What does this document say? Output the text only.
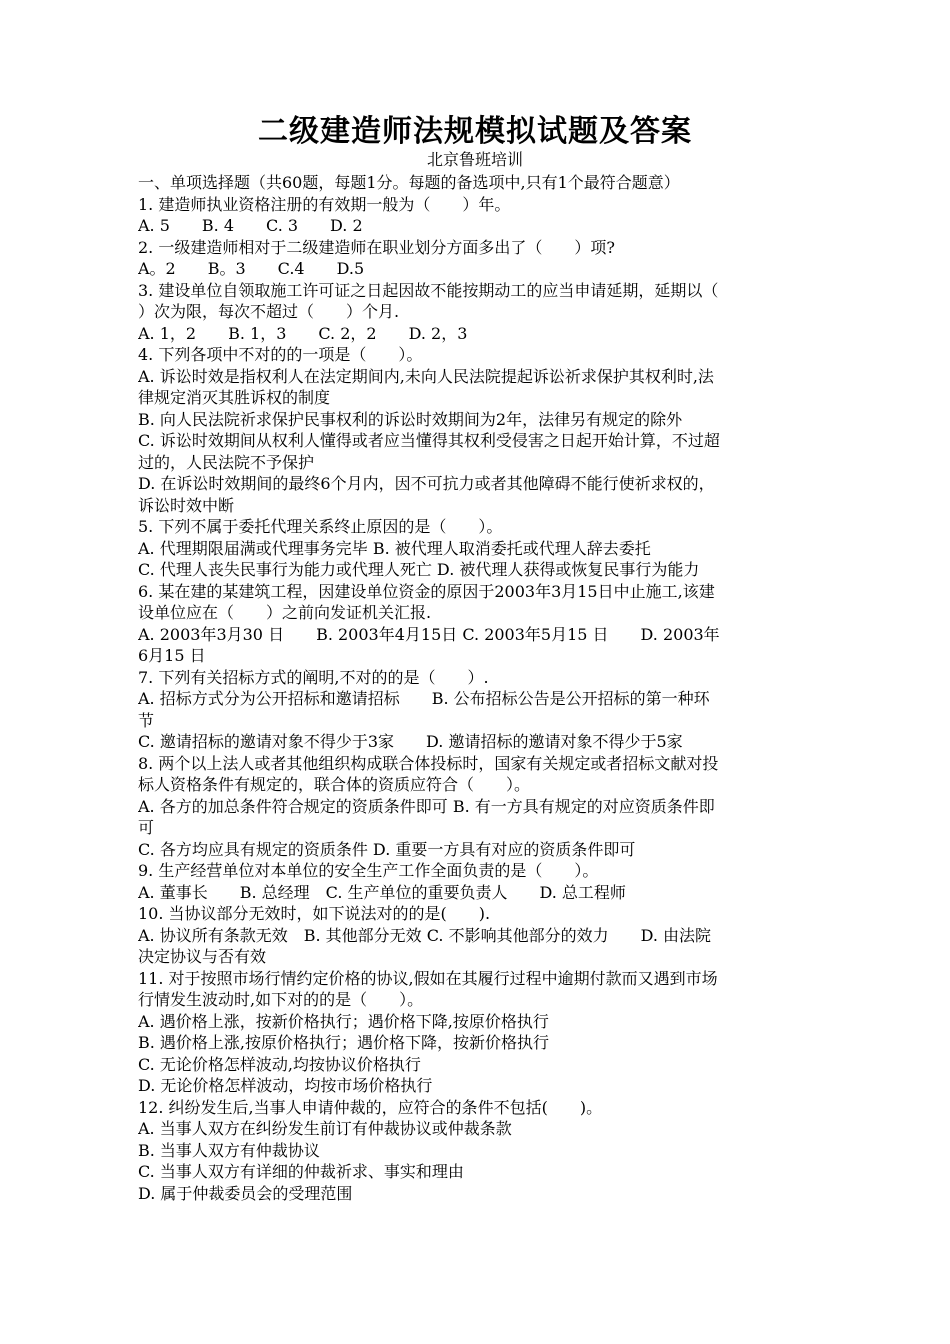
二级建造师法规模拟试题及答案
北京鲁班培训
一、单项选择题（共60题，每题1分。每题的备选项中,只有1个最符合题意）
1. 建造师执业资格注册的有效期一般为（　　）年。
A. 5　　B. 4　　C. 3　　D. 2
2. 一级建造师相对于二级建造师在职业划分方面多出了（　　）项?
A。2　　B。3　　C.4　　D.5
3. 建设单位自领取施工许可证之日起因故不能按期动工的应当申请延期，延期以（
）次为限，每次不超过（　　）个月.
A. 1，2　　B. 1，3　　C. 2，2　　D. 2，3
4. 下列各项中不对的的一项是（　　）。
A. 诉讼时效是指权利人在法定期间内,未向人民法院提起诉讼祈求保护其权利时,法
律规定消灭其胜诉权的制度
B. 向人民法院祈求保护民事权利的诉讼时效期间为2年，法律另有规定的除外
C. 诉讼时效期间从权利人懂得或者应当懂得其权利受侵害之日起开始计算，不过超
过的，人民法院不予保护
D. 在诉讼时效期间的最终6个月内，因不可抗力或者其他障碍不能行使祈求权的，
诉讼时效中断
5. 下列不属于委托代理关系终止原因的是（　　）。
A. 代理期限届满或代理事务完毕 B. 被代理人取消委托或代理人辞去委托
C. 代理人丧失民事行为能力或代理人死亡 D. 被代理人获得或恢复民事行为能力
6. 某在建的某建筑工程，因建设单位资金的原因于2003年3月15日中止施工,该建
设单位应在（　　）之前向发证机关汇报.
A. 2003年3月30 日　　B. 2003年4月15日 C. 2003年5月15 日　　D. 2003年
6月15 日
7. 下列有关招标方式的阐明,不对的的是（　　）.
A. 招标方式分为公开招标和邀请招标　　B. 公布招标公告是公开招标的第一种环
节
C. 邀请招标的邀请对象不得少于3家　　D. 邀请招标的邀请对象不得少于5家
8. 两个以上法人或者其他组织构成联合体投标时，国家有关规定或者招标文献对投
标人资格条件有规定的，联合体的资质应符合（　　）。
A. 各方的加总条件符合规定的资质条件即可 B. 有一方具有规定的对应资质条件即
可
C. 各方均应具有规定的资质条件 D. 重要一方具有对应的资质条件即可
9. 生产经营单位对本单位的安全生产工作全面负责的是（　　）。
A. 董事长　　B. 总经理　C. 生产单位的重要负责人　　D. 总工程师
10. 当协议部分无效时，如下说法对的的是(　　).
A. 协议所有条款无效　B. 其他部分无效 C. 不影响其他部分的效力　　D. 由法院
决定协议与否有效
11. 对于按照市场行情约定价格的协议,假如在其履行过程中逾期付款而又遇到市场
行情发生波动时,如下对的的是（　　）。
A. 遇价格上涨，按新价格执行；遇价格下降,按原价格执行
B. 遇价格上涨,按原价格执行；遇价格下降，按新价格执行
C. 无论价格怎样波动,均按协议价格执行
D. 无论价格怎样波动，均按市场价格执行
12. 纠纷发生后,当事人申请仲裁的，应符合的条件不包括(　　)。
A. 当事人双方在纠纷发生前订有仲裁协议或仲裁条款
B. 当事人双方有仲裁协议
C. 当事人双方有详细的仲裁祈求、事实和理由
D. 属于仲裁委员会的受理范围
